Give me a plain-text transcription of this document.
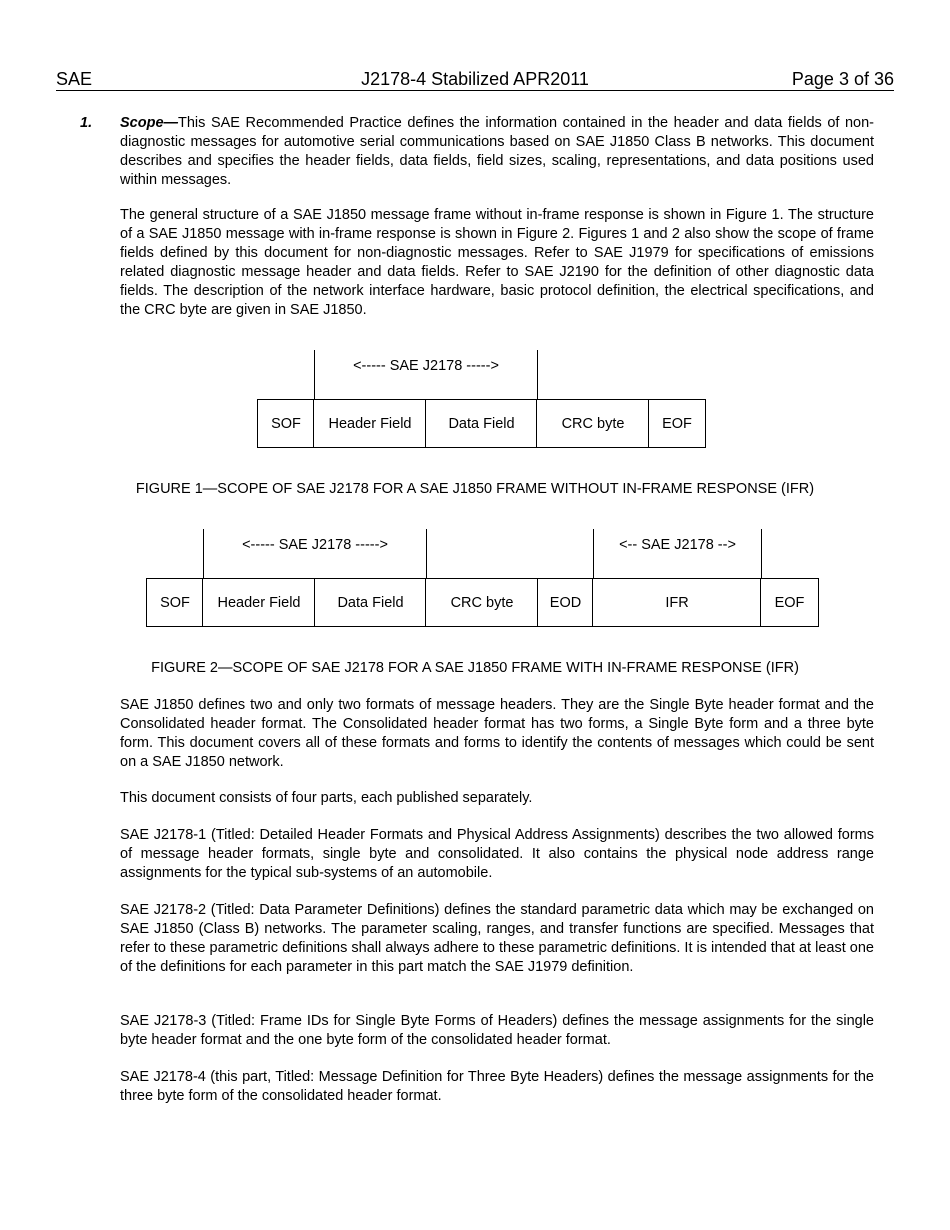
SAE	J2178-4 Stabilized APR2011	Page 3 of 36
1. Scope—This SAE Recommended Practice defines the information contained in the header and data fields of non-diagnostic messages for automotive serial communications based on SAE J1850 Class B networks. This document describes and specifies the header fields, data fields, field sizes, scaling, representations, and data positions used within messages.
The general structure of a SAE J1850 message frame without in-frame response is shown in Figure 1. The structure of a SAE J1850 message with in-frame response is shown in Figure 2. Figures 1 and 2 also show the scope of frame fields defined by this document for non-diagnostic messages. Refer to SAE J1979 for specifications of emissions related diagnostic message header and data fields. Refer to SAE J2190 for the definition of other diagnostic data fields. The description of the network interface hardware, basic protocol definition, the electrical specifications, and the CRC byte are given in SAE J1850.
<----- SAE J2178 ----->
SOF	Header Field	Data Field	CRC byte	EOF
FIGURE 1—SCOPE OF SAE J2178 FOR A SAE J1850 FRAME WITHOUT IN-FRAME RESPONSE (IFR)
<----- SAE J2178 ----->	<-- SAE J2178 -->
SOF	Header Field	Data Field	CRC byte	EOD	IFR	EOF
FIGURE 2—SCOPE OF SAE J2178 FOR A SAE J1850 FRAME WITH IN-FRAME RESPONSE (IFR)
SAE J1850 defines two and only two formats of message headers. They are the Single Byte header format and the Consolidated header format. The Consolidated header format has two forms, a Single Byte form and a three byte form. This document covers all of these formats and forms to identify the contents of messages which could be sent on a SAE J1850 network.
This document consists of four parts, each published separately.
SAE J2178-1 (Titled: Detailed Header Formats and Physical Address Assignments) describes the two allowed forms of message header formats, single byte and consolidated. It also contains the physical node address range assignments for the typical sub-systems of an automobile.
SAE J2178-2 (Titled: Data Parameter Definitions) defines the standard parametric data which may be exchanged on SAE J1850 (Class B) networks. The parameter scaling, ranges, and transfer functions are specified. Messages that refer to these parametric definitions shall always adhere to these parametric definitions. It is intended that at least one of the definitions for each parameter in this part match the SAE J1979 definition.
SAE J2178-3 (Titled: Frame IDs for Single Byte Forms of Headers) defines the message assignments for the single byte header format and the one byte form of the consolidated header format.
SAE J2178-4 (this part, Titled: Message Definition for Three Byte Headers) defines the message assignments for the three byte form of the consolidated header format.
